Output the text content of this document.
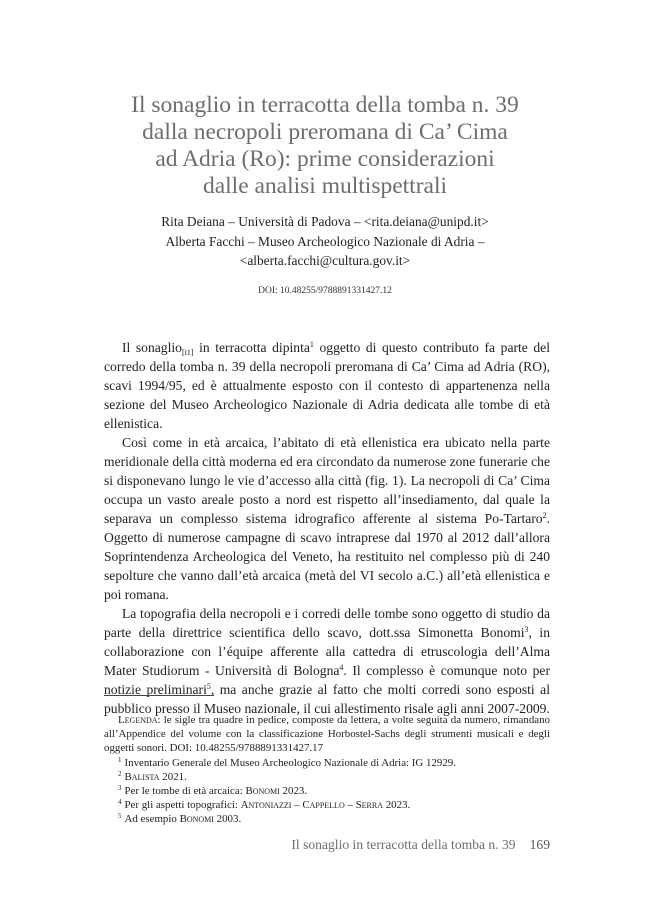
Il sonaglio in terracotta della tomba n. 39
dalla necropoli preromana di Ca’ Cima
ad Adria (Ro): prime considerazioni
dalle analisi multispettrali
Rita Deiana – Università di Padova – <rita.deiana@unipd.it>
Alberta Facchi – Museo Archeologico Nazionale di Adria –
<alberta.facchi@cultura.gov.it>
DOI: 10.48255/9788891331427.12

Il sonaglio$_{[i1]}$ in terracotta dipinta$^1$ oggetto di questo contributo fa parte del corredo della tomba n. 39 della necropoli preromana di Ca’ Cima ad Adria (RO), scavi 1994/95, ed è attualmente esposto con il contesto di appartenenza nella sezione del Museo Archeologico Nazionale di Adria dedicata alle tombe di età ellenistica.

Così come in età arcaica, l’abitato di età ellenistica era ubicato nella parte meridionale della città moderna ed era circondato da numerose zone funerarie che si disponevano lungo le vie d’accesso alla città (fig. 1). La necropoli di Ca’ Cima occupa un vasto areale posto a nord est rispetto all’insediamento, dal quale la separava un complesso sistema idrografico afferente al sistema Po-Tartaro$^2$. Oggetto di numerose campagne di scavo intraprese dal 1970 al 2012 dall’allora Soprintendenza Archeologica del Veneto, ha restituito nel complesso più di 240 sepolture che vanno dall’età arcaica (metà del VI secolo a.C.) all’età ellenistica e poi romana.

La topografia della necropoli e i corredi delle tombe sono oggetto di studio da parte della direttrice scientifica dello scavo, dott.ssa Simonetta Bonomi$^3$, in collaborazione con l’équipe afferente alla cattedra di etruscologia dell’Alma Mater Studiorum - Università di Bologna$^4$. Il complesso è comunque noto per notizie preliminari$^5$, ma anche grazie al fatto che molti corredi sono esposti al pubblico presso il Museo nazionale, il cui allestimento risale agli anni 2007-2009.

Legenda: le sigle tra quadre in pedice, composte da lettera, a volte seguita da numero, rimandano all’Appendice del volume con la classificazione Horbostel-Sachs degli strumenti musicali e degli oggetti sonori. DOI: 10.48255/9788891331427.17

$^1$ Inventario Generale del Museo Archeologico Nazionale di Adria: IG 12929.

$^2$ Balista 2021.

$^3$ Per le tombe di età arcaica: Bonomi 2023.

$^4$ Per gli aspetti topografici: Antoniazzi – Cappello – Serra 2023.

$^5$ Ad esempio Bonomi 2003.

Il sonaglio in terracotta della tomba n. 39 169
